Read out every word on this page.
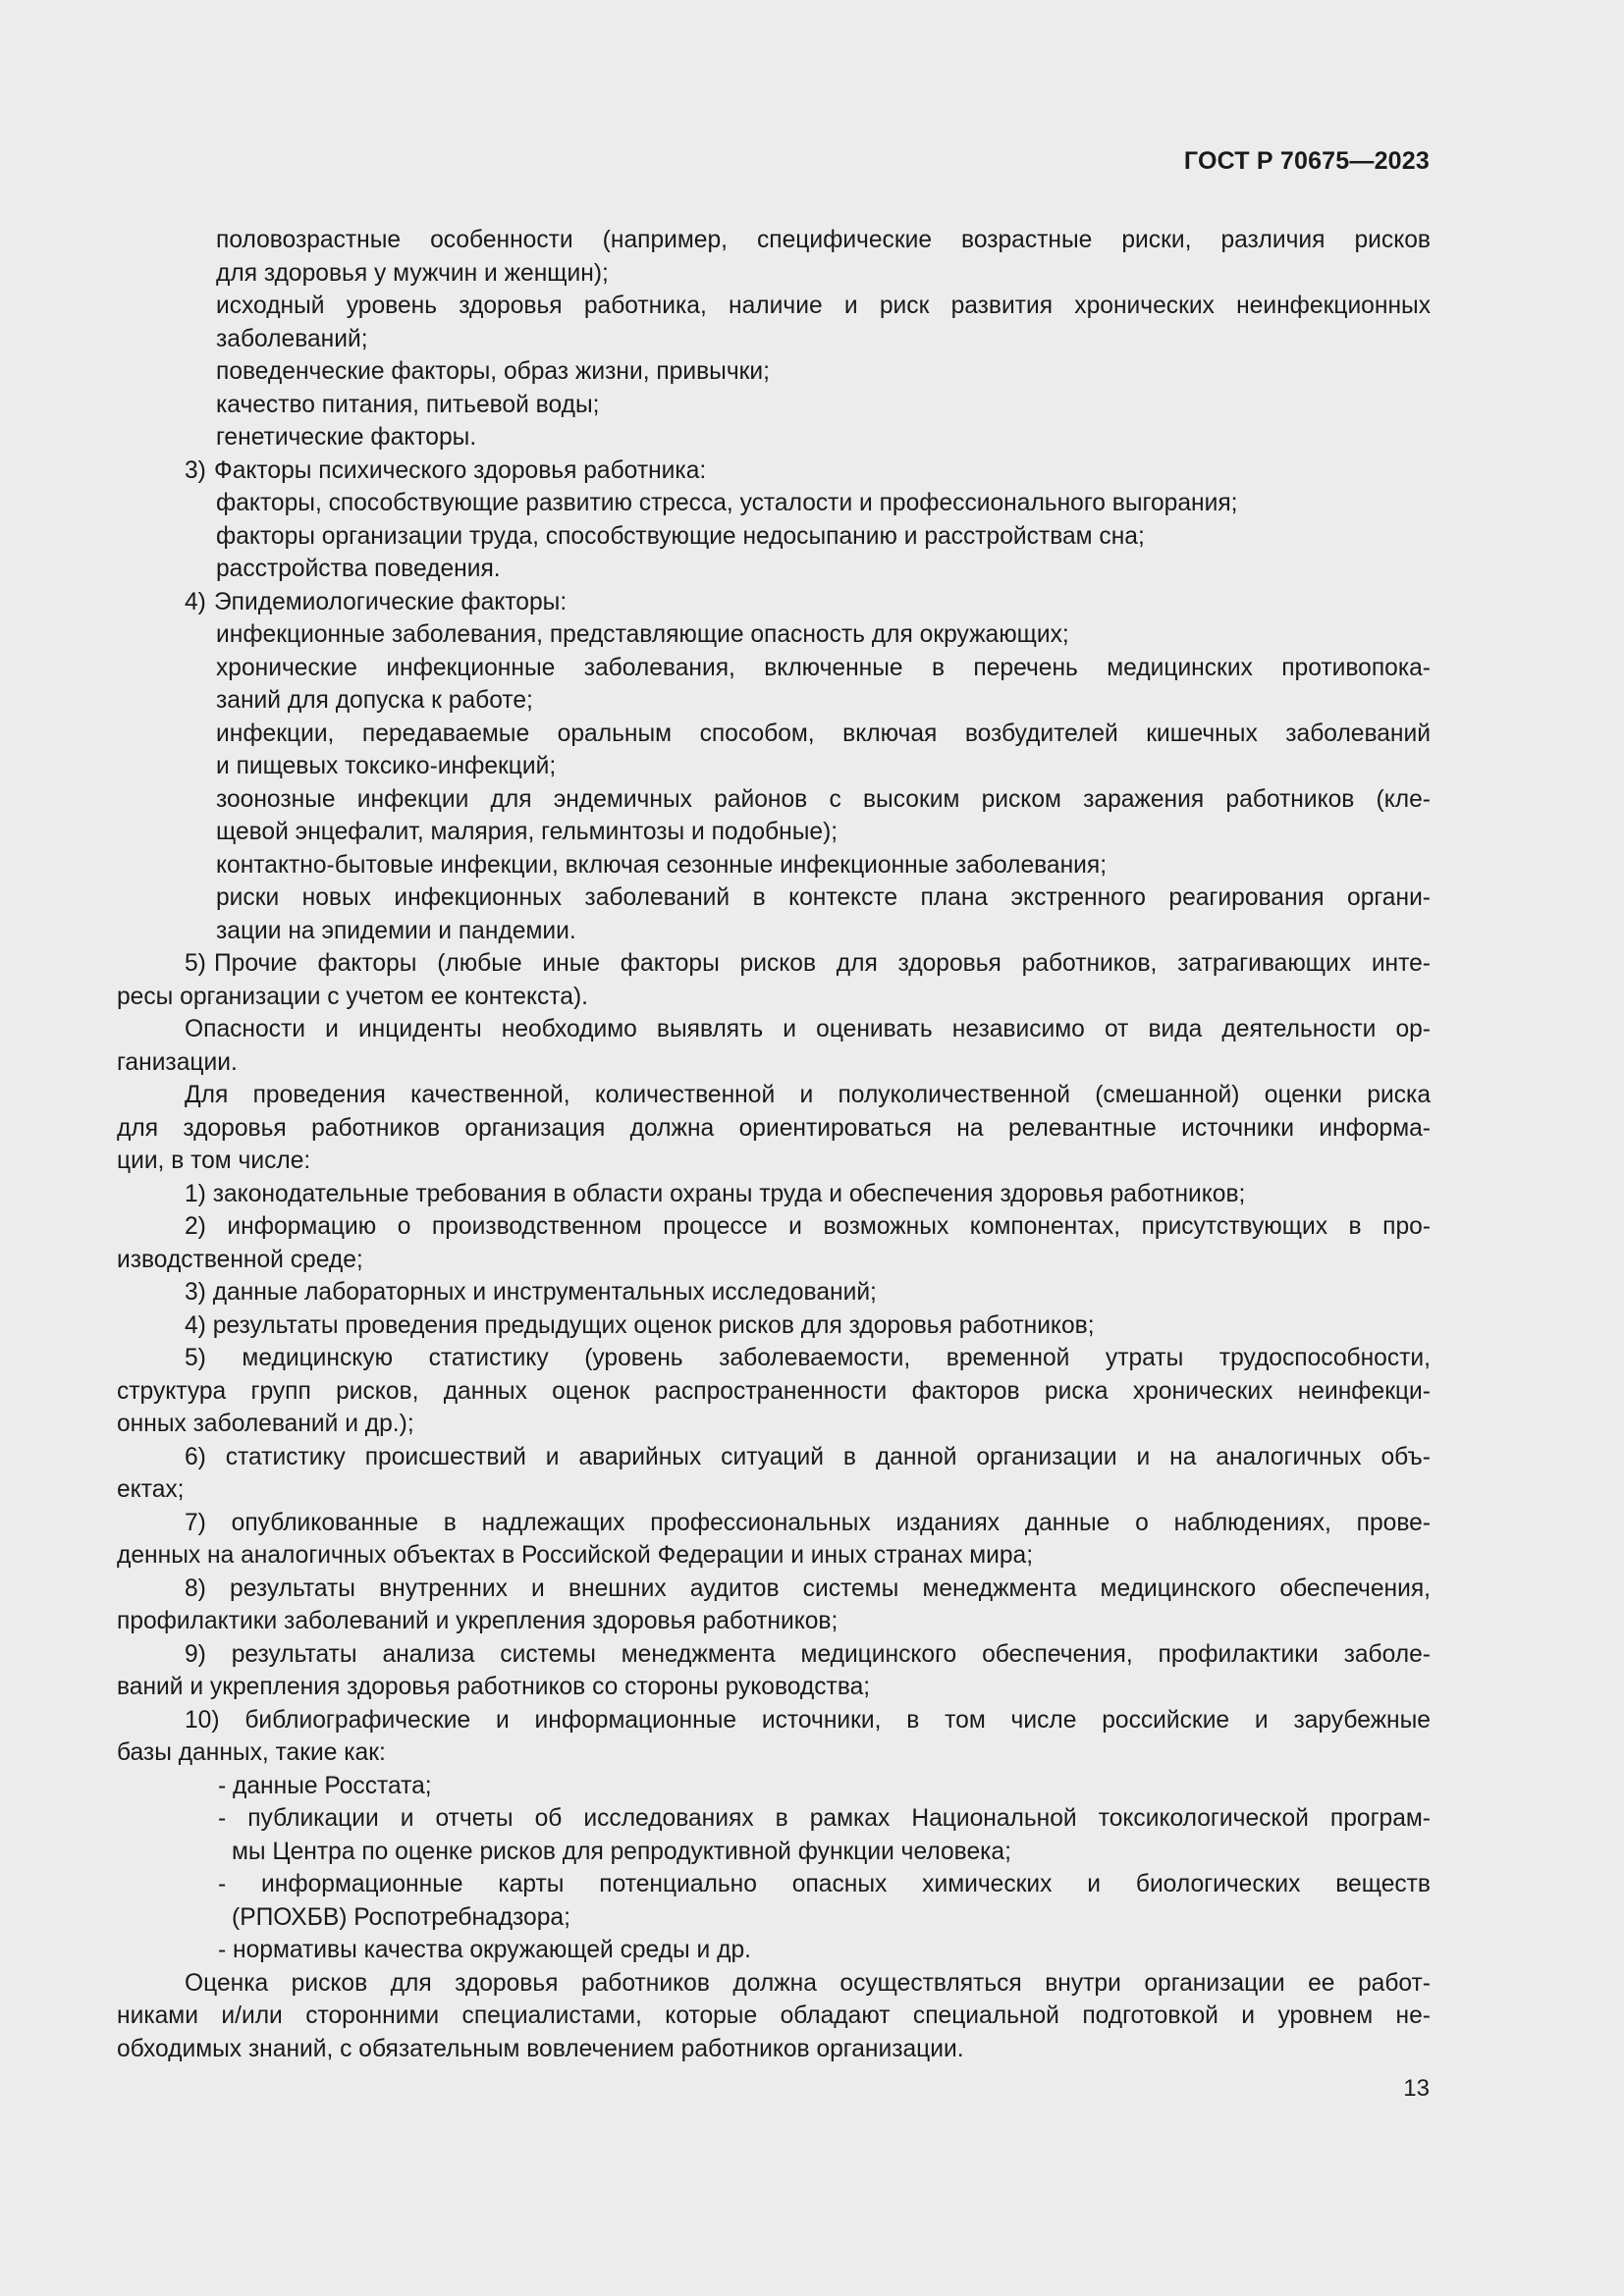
ГОСТ Р 70675—2023
половозрастные особенности (например, специфические возрастные риски, различия рисков
для здоровья у мужчин и женщин);
исходный уровень здоровья работника, наличие и риск развития хронических неинфекционных
заболеваний;
поведенческие факторы, образ жизни, привычки;
качество питания, питьевой воды;
генетические факторы.
3) Факторы психического здоровья работника:
факторы, способствующие развитию стресса, усталости и профессионального выгорания;
факторы организации труда, способствующие недосыпанию и расстройствам сна;
расстройства поведения.
4) Эпидемиологические факторы:
инфекционные заболевания, представляющие опасность для окружающих;
хронические инфекционные заболевания, включенные в перечень медицинских противопока-
заний для допуска к работе;
инфекции, передаваемые оральным способом, включая возбудителей кишечных заболеваний
и пищевых токсико-инфекций;
зоонозные инфекции для эндемичных районов с высоким риском заражения работников (кле-
щевой энцефалит, малярия, гельминтозы и подобные);
контактно-бытовые инфекции, включая сезонные инфекционные заболевания;
риски новых инфекционных заболеваний в контексте плана экстренного реагирования органи-
зации на эпидемии и пандемии.
5) Прочие факторы (любые иные факторы рисков для здоровья работников, затрагивающих инте-
ресы организации с учетом ее контекста).
Опасности и инциденты необходимо выявлять и оценивать независимо от вида деятельности ор-
ганизации.
Для проведения качественной, количественной и полуколичественной (смешанной) оценки риска
для здоровья работников организация должна ориентироваться на релевантные источники информа-
ции, в том числе:
1) законодательные требования в области охраны труда и обеспечения здоровья работников;
2) информацию о производственном процессе и возможных компонентах, присутствующих в про-
изводственной среде;
3) данные лабораторных и инструментальных исследований;
4) результаты проведения предыдущих оценок рисков для здоровья работников;
5) медицинскую статистику (уровень заболеваемости, временной утраты трудоспособности,
структура групп рисков, данных оценок распространенности факторов риска хронических неинфекци-
онных заболеваний и др.);
6) статистику происшествий и аварийных ситуаций в данной организации и на аналогичных объ-
ектах;
7) опубликованные в надлежащих профессиональных изданиях данные о наблюдениях, прове-
денных на аналогичных объектах в Российской Федерации и иных странах мира;
8) результаты внутренних и внешних аудитов системы менеджмента медицинского обеспечения,
профилактики заболеваний и укрепления здоровья работников;
9) результаты анализа системы менеджмента медицинского обеспечения, профилактики заболе-
ваний и укрепления здоровья работников со стороны руководства;
10) библиографические и информационные источники, в том числе российские и зарубежные
базы данных, такие как:
- данные Росстата;
- публикации и отчеты об исследованиях в рамках Национальной токсикологической програм-
мы Центра по оценке рисков для репродуктивной функции человека;
- информационные карты потенциально опасных химических и биологических веществ
(РПОХБВ) Роспотребнадзора;
- нормативы качества окружающей среды и др.
Оценка рисков для здоровья работников должна осуществляться внутри организации ее работ-
никами и/или сторонними специалистами, которые обладают специальной подготовкой и уровнем не-
обходимых знаний, с обязательным вовлечением работников организации.
13
